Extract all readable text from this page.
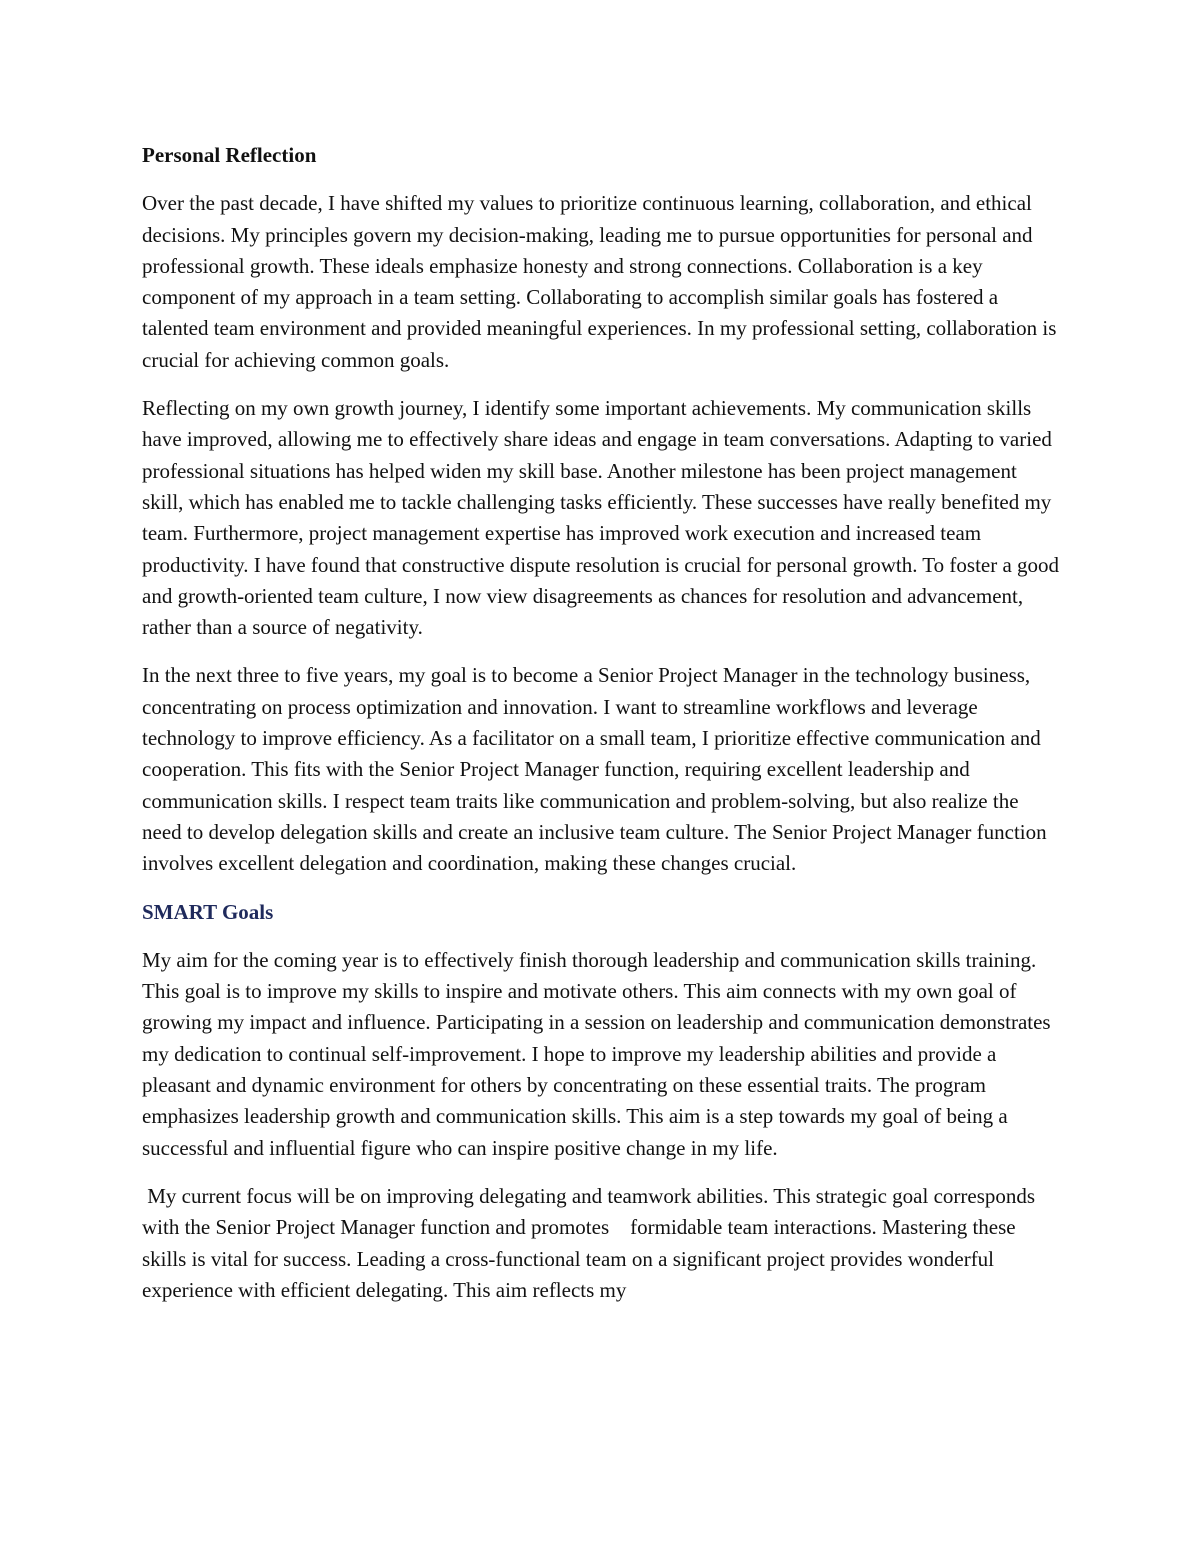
Personal Reflection

Over the past decade, I have shifted my values to prioritize continuous learning, collaboration, and ethical decisions. My principles govern my decision-making, leading me to pursue opportunities for personal and professional growth. These ideals emphasize honesty and strong connections. Collaboration is a key component of my approach in a team setting. Collaborating to accomplish similar goals has fostered a talented team environment and provided meaningful experiences. In my professional setting, collaboration is crucial for achieving common goals.

Reflecting on my own growth journey, I identify some important achievements. My communication skills have improved, allowing me to effectively share ideas and engage in team conversations. Adapting to varied professional situations has helped widen my skill base. Another milestone has been project management skill, which has enabled me to tackle challenging tasks efficiently. These successes have really benefited my team. Furthermore, project management expertise has improved work execution and increased team productivity. I have found that constructive dispute resolution is crucial for personal growth. To foster a good and growth-oriented team culture, I now view disagreements as chances for resolution and advancement, rather than a source of negativity.

In the next three to five years, my goal is to become a Senior Project Manager in the technology business, concentrating on process optimization and innovation. I want to streamline workflows and leverage technology to improve efficiency. As a facilitator on a small team, I prioritize effective communication and cooperation. This fits with the Senior Project Manager function, requiring excellent leadership and communication skills. I respect team traits like communication and problem-solving, but also realize the need to develop delegation skills and create an inclusive team culture. The Senior Project Manager function involves excellent delegation and coordination, making these changes crucial.

SMART Goals

My aim for the coming year is to effectively finish thorough leadership and communication skills training. This goal is to improve my skills to inspire and motivate others. This aim connects with my own goal of growing my impact and influence. Participating in a session on leadership and communication demonstrates my dedication to continual self-improvement. I hope to improve my leadership abilities and provide a pleasant and dynamic environment for others by concentrating on these essential traits. The program emphasizes leadership growth and communication skills. This aim is a step towards my goal of being a successful and influential figure who can inspire positive change in my life.

My current focus will be on improving delegating and teamwork abilities. This strategic goal corresponds with the Senior Project Manager function and promotes    formidable team interactions. Mastering these skills is vital for success. Leading a cross-functional team on a significant project provides wonderful experience with efficient delegating. This aim reflects my
